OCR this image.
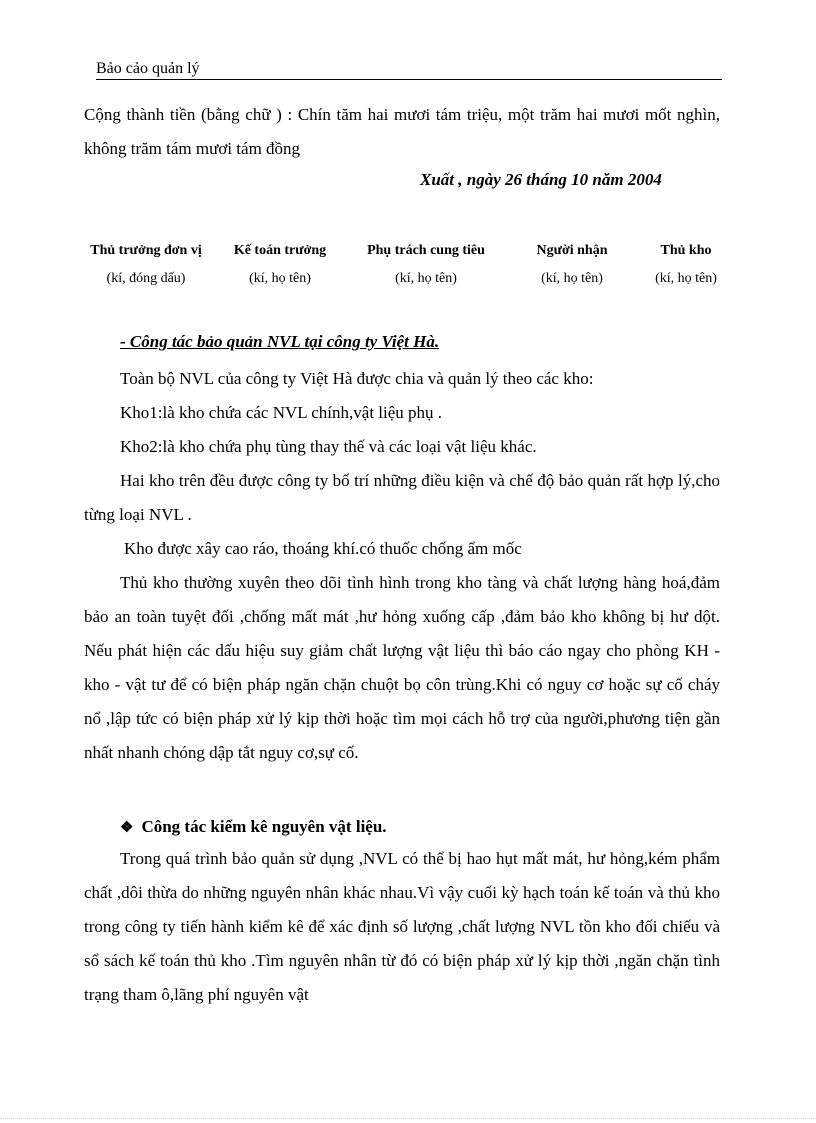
Bảo cảo quản lý
Cộng thành tiền (bằng chữ ) : Chín tăm hai mươi tám triệu, một trăm hai mươi mốt nghìn, không trăm tám mươi tám đồng
Xuất , ngày 26 tháng 10 năm 2004
Thủ trưởng đơn vị
(kí, đóng dấu)
Kế toán trưởng
(kí, họ tên)
Phụ trách cung tiêu
(kí, họ tên)
Người nhận
(kí, họ tên)
Thủ kho
(kí, họ tên)
- Công tác bảo quản NVL tại công ty Việt Hà.
Toàn bộ NVL của công ty Việt Hà được chia và quản lý theo các kho:
Kho1:là kho chứa các NVL chính,vật liệu phụ .
Kho2:là kho chứa phụ tùng thay thế và các loại vật liệu khác.
Hai kho trên đều được công ty bố trí những điều kiện và chế độ bảo quản rất hợp lý,cho từng loại NVL .
Kho được xây cao ráo, thoáng khí.có thuốc chống ẩm mốc
Thủ kho thường xuyên theo dõi tình hình trong kho tàng và chất lượng hàng hoá,đảm bảo an toàn tuyệt đối ,chống mất mát ,hư hỏng xuống cấp ,đảm bảo kho không bị hư dột. Nếu phát hiện các dấu hiệu suy giảm chất lượng vật liệu thì báo cáo ngay cho phòng KH -kho - vật tư để có biện pháp ngăn chặn chuột bọ côn trùng.Khi có nguy cơ hoặc sự cố cháy nổ ,lập tức có biện pháp xử lý kịp thời hoặc tìm mọi cách hỗ trợ của người,phương tiện gần nhất nhanh chóng dập tắt nguy cơ,sự cố.
❖ Công tác kiểm kê nguyên vật liệu.
Trong quá trình bảo quản sử dụng ,NVL có thể bị hao hụt mất mát, hư hỏng,kém phẩm chất ,dôi thừa do những nguyên nhân khác nhau.Vì vậy cuối kỳ hạch toán kế toán và thủ kho trong công ty tiến hành kiểm kê để xác định số lượng ,chất lượng NVL tồn kho đối chiếu và sổ sách kế toán thủ kho .Tìm nguyên nhân từ đó có biện pháp xử lý kịp thời ,ngăn chặn tình trạng tham ô,lãng phí nguyên vật
